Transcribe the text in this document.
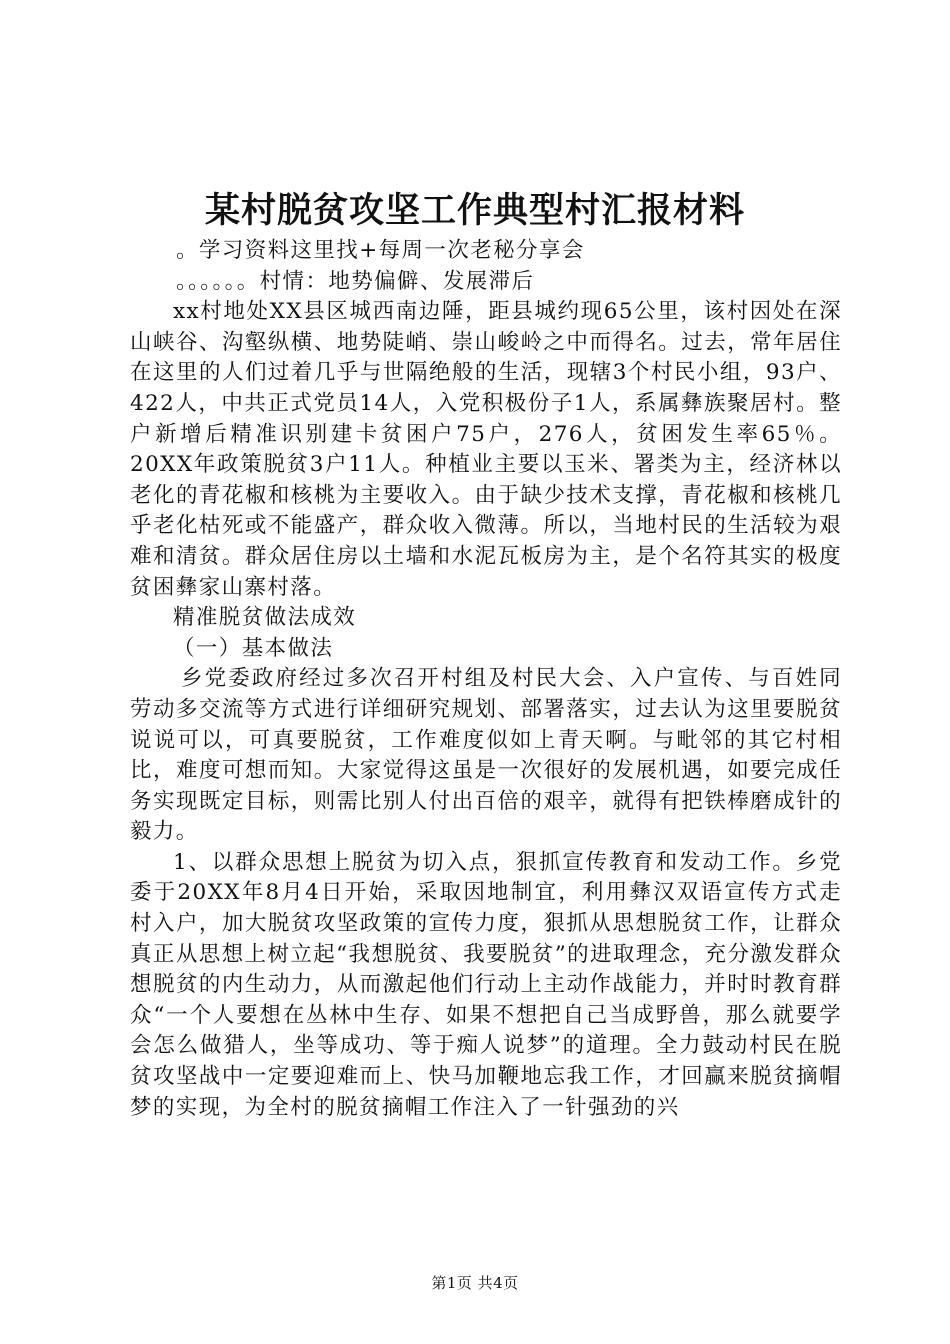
某村脱贫攻坚工作典型村汇报材料

。学习资料这里找+每周一次老秘分享会

。。。。。。村情：地势偏僻、发展滞后

xx村地处XX县区城西南边陲，距县城约现65公里，该村因处在深山峡谷、沟壑纵横、地势陡峭、崇山峻岭之中而得名。过去，常年居住在这里的人们过着几乎与世隔绝般的生活，现辖3个村民小组，93户、422人，中共正式党员14人，入党积极份子1人，系属彝族聚居村。整户新增后精准识别建卡贫困户75户，276人，贫困发生率65％。20XX年政策脱贫3户11人。种植业主要以玉米、署类为主，经济林以老化的青花椒和核桃为主要收入。由于缺少技术支撑，青花椒和核桃几乎老化枯死或不能盛产，群众收入微薄。所以，当地村民的生活较为艰难和清贫。群众居住房以土墙和水泥瓦板房为主，是个名符其实的极度贫困彝家山寨村落。

精准脱贫做法成效

（一）基本做法

乡党委政府经过多次召开村组及村民大会、入户宣传、与百姓同劳动多交流等方式进行详细研究规划、部署落实，过去认为这里要脱贫说说可以，可真要脱贫，工作难度似如上青天啊。与毗邻的其它村相比，难度可想而知。大家觉得这虽是一次很好的发展机遇，如要完成任务实现既定目标，则需比别人付出百倍的艰辛，就得有把铁棒磨成针的毅力。

1、以群众思想上脱贫为切入点，狠抓宣传教育和发动工作。乡党委于20XX年8月4日开始，采取因地制宜，利用彝汉双语宣传方式走村入户，加大脱贫攻坚政策的宣传力度，狠抓从思想脱贫工作，让群众真正从思想上树立起“我想脱贫、我要脱贫”的进取理念，充分激发群众想脱贫的内生动力，从而激起他们行动上主动作战能力，并时时教育群众“一个人要想在丛林中生存、如果不想把自己当成野兽，那么就要学会怎么做猎人，坐等成功、等于痴人说梦”的道理。全力鼓动村民在脱贫攻坚战中一定要迎难而上、快马加鞭地忘我工作，才回赢来脱贫摘帽梦的实现，为全村的脱贫摘帽工作注入了一针强劲的兴

第1页 共4页
